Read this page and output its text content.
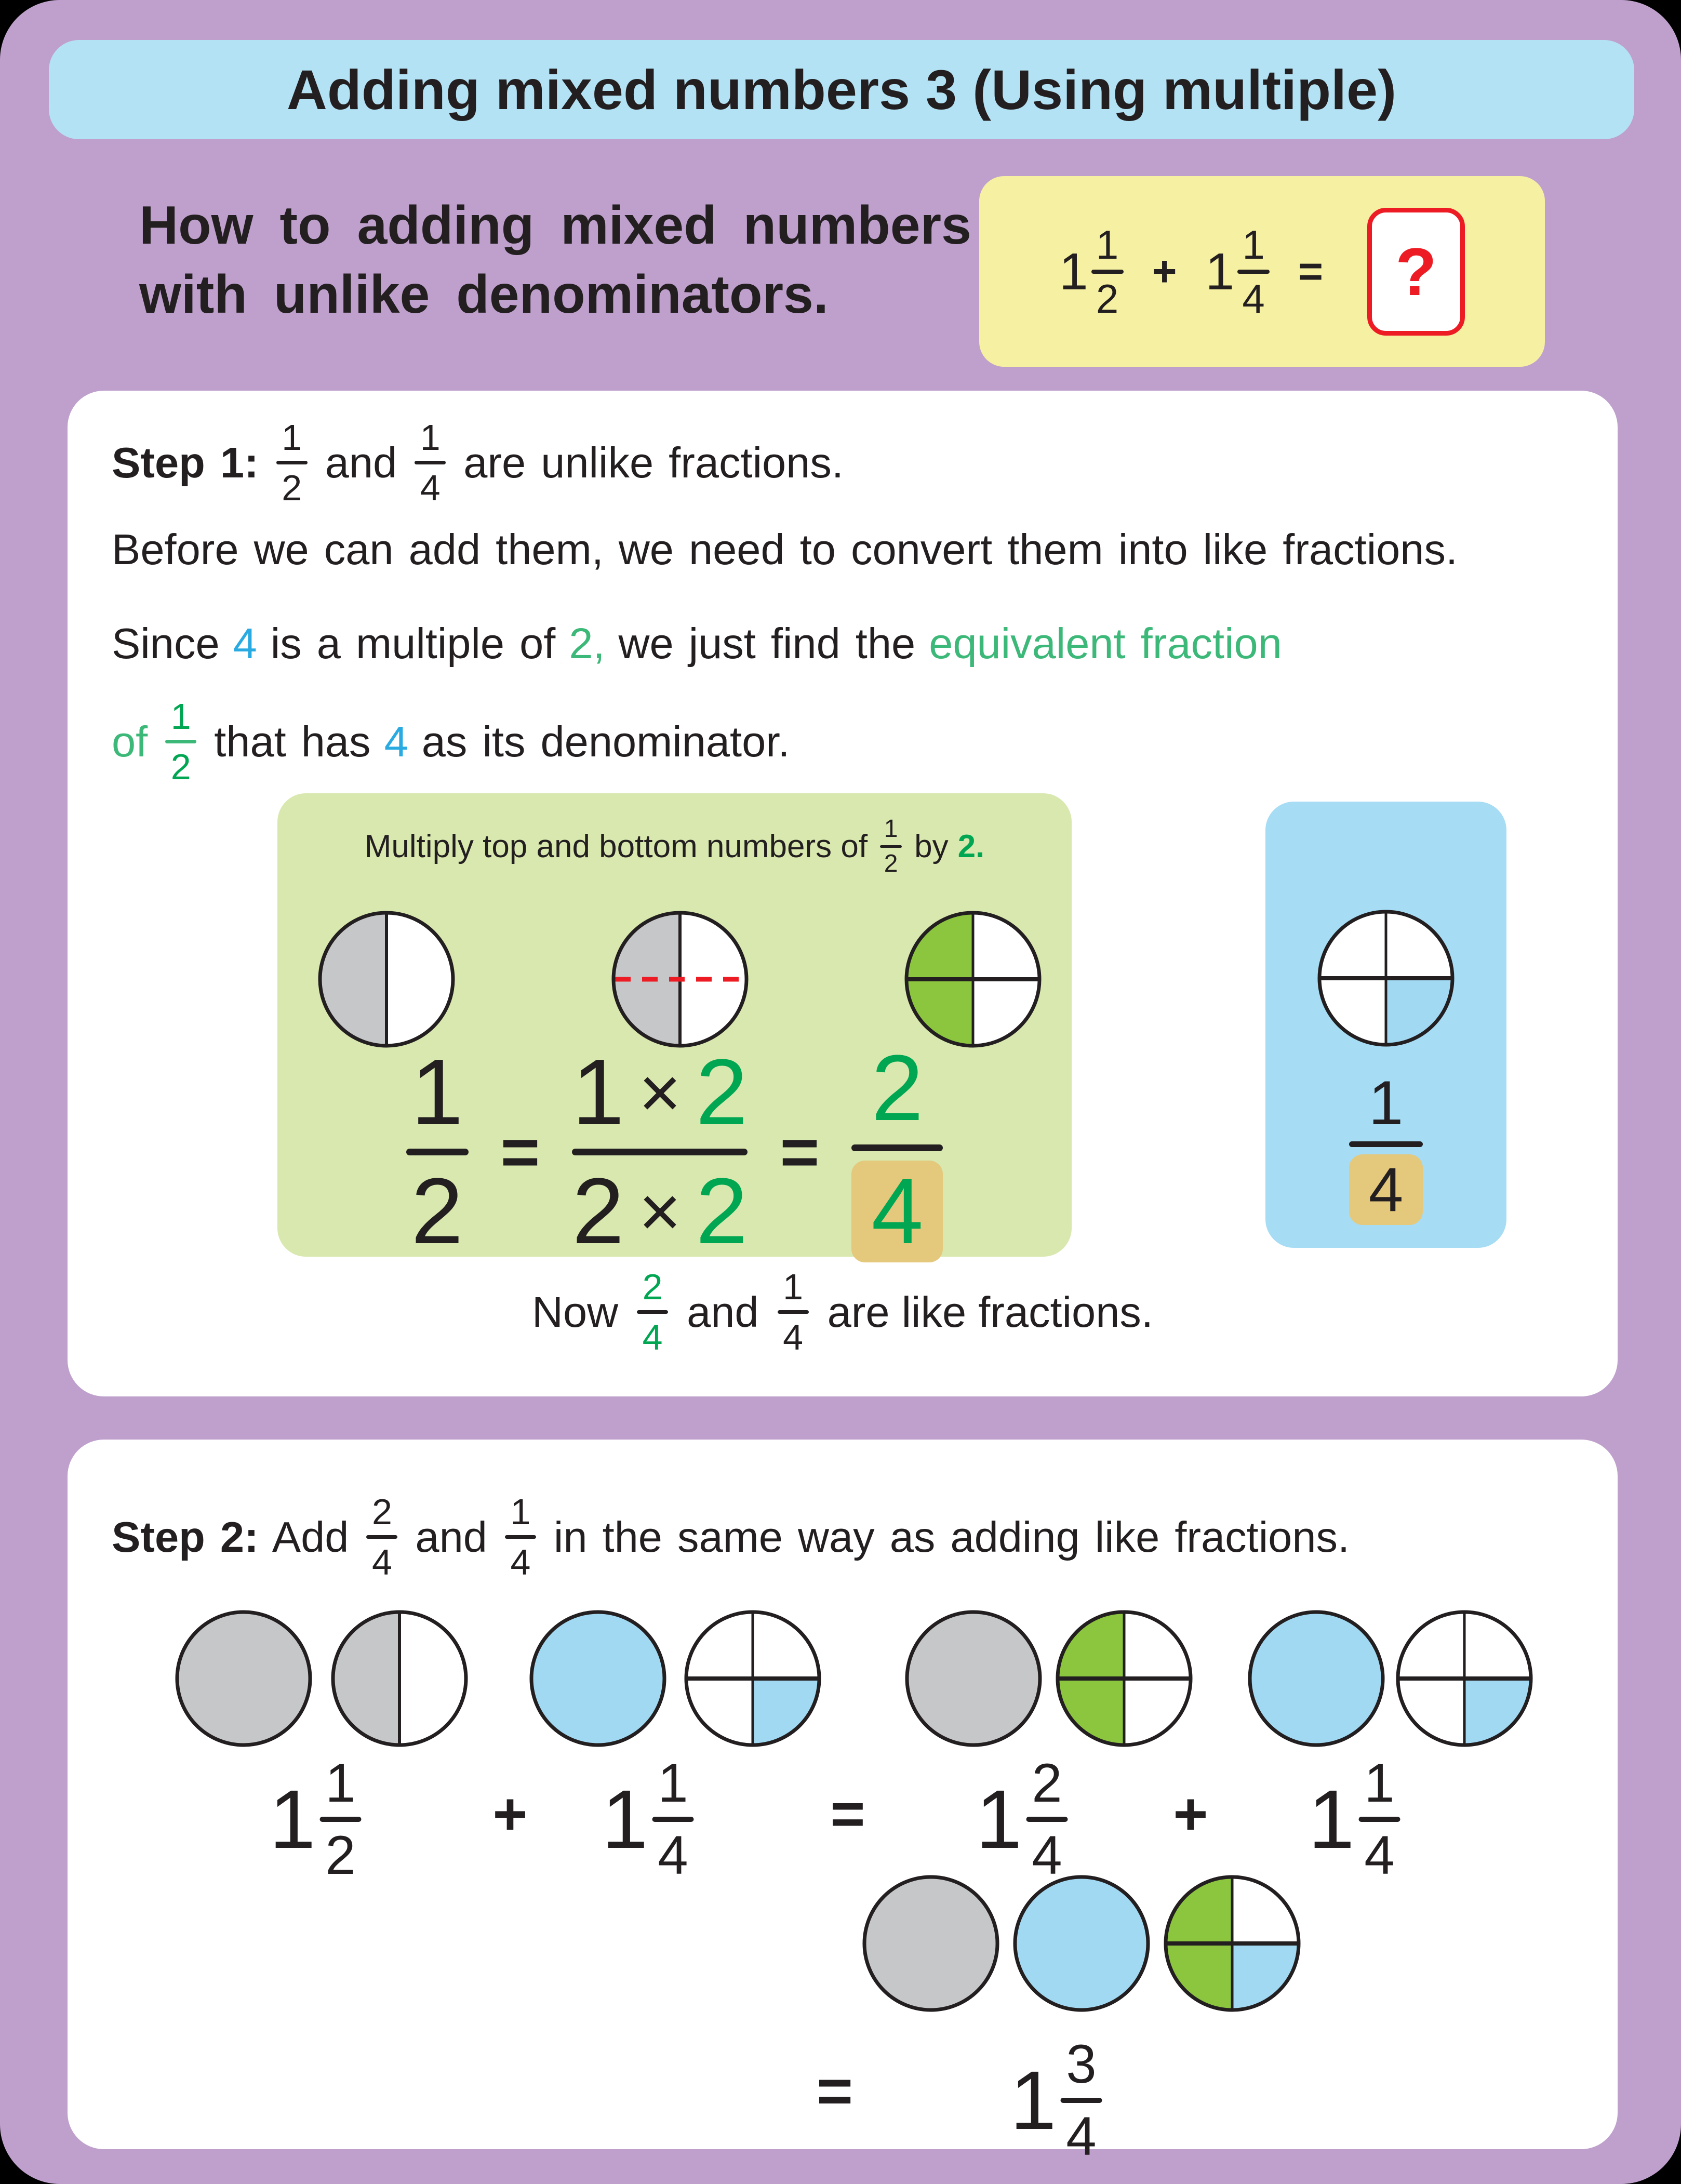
Adding mixed numbers 3 (Using multiple)
How to adding mixed numbers
with unlike denominators.	1 1
2
+ 1 1
4
= ?
Step 1:
1
2
and
1
4
are unlike fractions.
Before we can add them, we need to convert them into like fractions.
Since 4 is a multiple of 2, we just find the equivalent fraction
of
1
2
that has 4 as its denominator.
Multiply top and bottom numbers of 1
2 by 2.
1
2
=
1 × 2
2 × 2
=
2
4
1
4
Now
2
4
and
1
4
are like fractions.
Step 2: Add
2
4
and
1
4
in the same way as adding like fractions.
1 1
2
+ 1 1
4
= 1 2
4
+ 1 1
4
= 1 3
4
